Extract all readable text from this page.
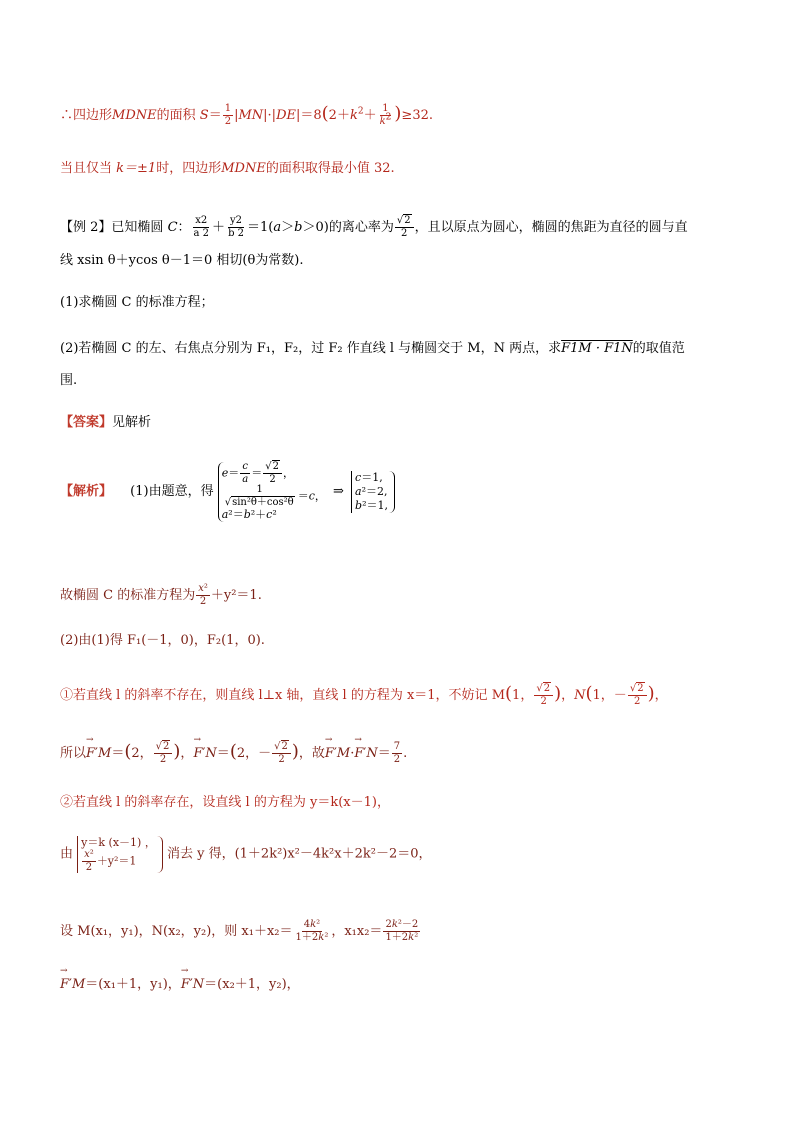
∴四边形MDNE的面积 $S= \frac{1}{2} |MN|\cdot|DE|=8(2+k^2+ \frac{1}{k^2} )\ge 32$.
当且仅当 k＝±1时，四边形MDNE的面积取得最小值 32.
【例 2】已知椭圆 C： $\frac{x2}{a 2} + \frac{y2}{b 2} =1(a>b>0)$的离心率为 $\frac{√2}{2}$ ，且以原点为圆心，椭圆的焦距为直径的圆与直
线 xsin θ＋ycos θ－1＝0 相切(θ为常数).
(1)求椭圆 C 的标准方程；
(2)若椭圆 C 的左、右焦点分别为 F₁，F₂，过 F₂ 作直线 l 与椭圆交于 M，N 两点，求F1M · F1N的取值范
围.
【答案】见解析
【解析】 (1)由题意，得
$e= \frac{c}{a} = \frac{√2}{2}$ ，
$\frac{1}{\text{√sin²θ＋cos²θ}} =c$，
a²＝b²＋c²
⇒
c＝1,
a²＝2,
b²＝1,
故椭圆 C 的标准方程为 $\frac{\text{x²}}{2} +y^2=1$.
(2)由(1)得 F₁(－1，0)，F₂(1，0).
①若直线 l 的斜率不存在，则直线 l⊥x 轴，直线 l 的方程为 x＝1，不妨记 M(1， $\frac{√2}{2}$ )，N(1，－ $\frac{√2}{2}$ )，
所以→ F′M＝(2， $\frac{√2}{2}$ )，→ F′N＝(2，－ $\frac{√2}{2}$ )，故→ $F'M\cdot\to F'N= \frac{7}{2}$ .
②若直线 l 的斜率存在，设直线 l 的方程为 y＝k(x－1)，
由
y＝k (x－1) ，
$\frac{\text{x²}}{2} +y^2=1$	消去 y 得，(1＋2k²)x²－4k²x＋2k²－2＝0，
设 M(x₁，y₁)，N(x₂，y₂)，则 $x_1+x_2= \frac{\text{4k²}}{\text{1＋2k²}}$ ，$x_1x_2= \frac{\text{2k²－2}}{\text{1＋2k²}}$
→ F′M＝(x₁＋1，y₁)，→ F′N＝(x₂＋1，y₂)，
